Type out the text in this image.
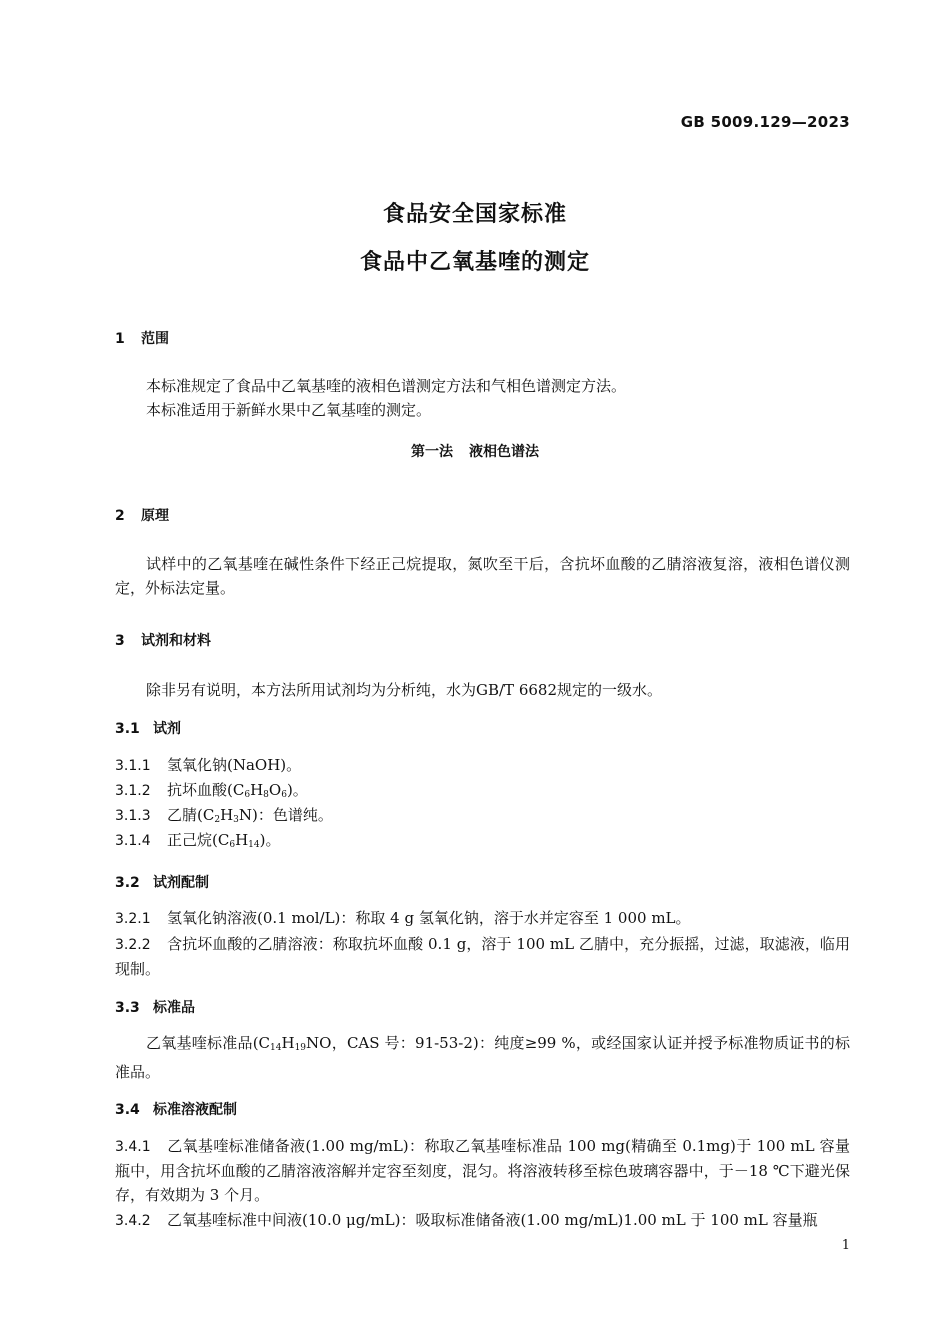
GB 5009.129—2023
食品安全国家标准
食品中乙氧基喹的测定
1 范围
本标准规定了食品中乙氧基喹的液相色谱测定方法和气相色谱测定方法。
本标准适用于新鲜水果中乙氧基喹的测定。
第一法 液相色谱法
2 原理
试样中的乙氧基喹在碱性条件下经正己烷提取，氮吹至干后，含抗坏血酸的乙腈溶液复溶，液相色谱仪测定，外标法定量。
3 试剂和材料
除非另有说明，本方法所用试剂均为分析纯，水为GB/T 6682规定的一级水。
3.1 试剂
3.1.1 氢氧化钠(NaOH)。
3.1.2 抗坏血酸$(C_6H_8O_6)$。
3.1.3 乙腈$(C_2H_3N)$：色谱纯。
3.1.4 正己烷$(C_6H_{14})$。
3.2 试剂配制
3.2.1 氢氧化钠溶液(0.1 mol/L)：称取 4 g 氢氧化钠，溶于水并定容至 1 000 mL。
3.2.2 含抗坏血酸的乙腈溶液：称取抗坏血酸 0.1 g，溶于 100 mL 乙腈中，充分振摇，过滤，取滤液，临用现制。
3.3 标准品
乙氧基喹标准品($C_{14}H_{19}NO$，CAS 号：91-53-2)：纯度≥99 %，或经国家认证并授予标准物质证书的标准品。
3.4 标准溶液配制
3.4.1 乙氧基喹标准储备液(1.00 mg/mL)：称取乙氧基喹标准品 100 mg(精确至 0.1mg)于 100 mL 容量瓶中，用含抗坏血酸的乙腈溶液溶解并定容至刻度，混匀。将溶液转移至棕色玻璃容器中，于－18 ℃下避光保存，有效期为 3 个月。
3.4.2 乙氧基喹标准中间液(10.0 μg/mL)：吸取标准储备液(1.00 mg/mL)1.00 mL 于 100 mL 容量瓶
1
